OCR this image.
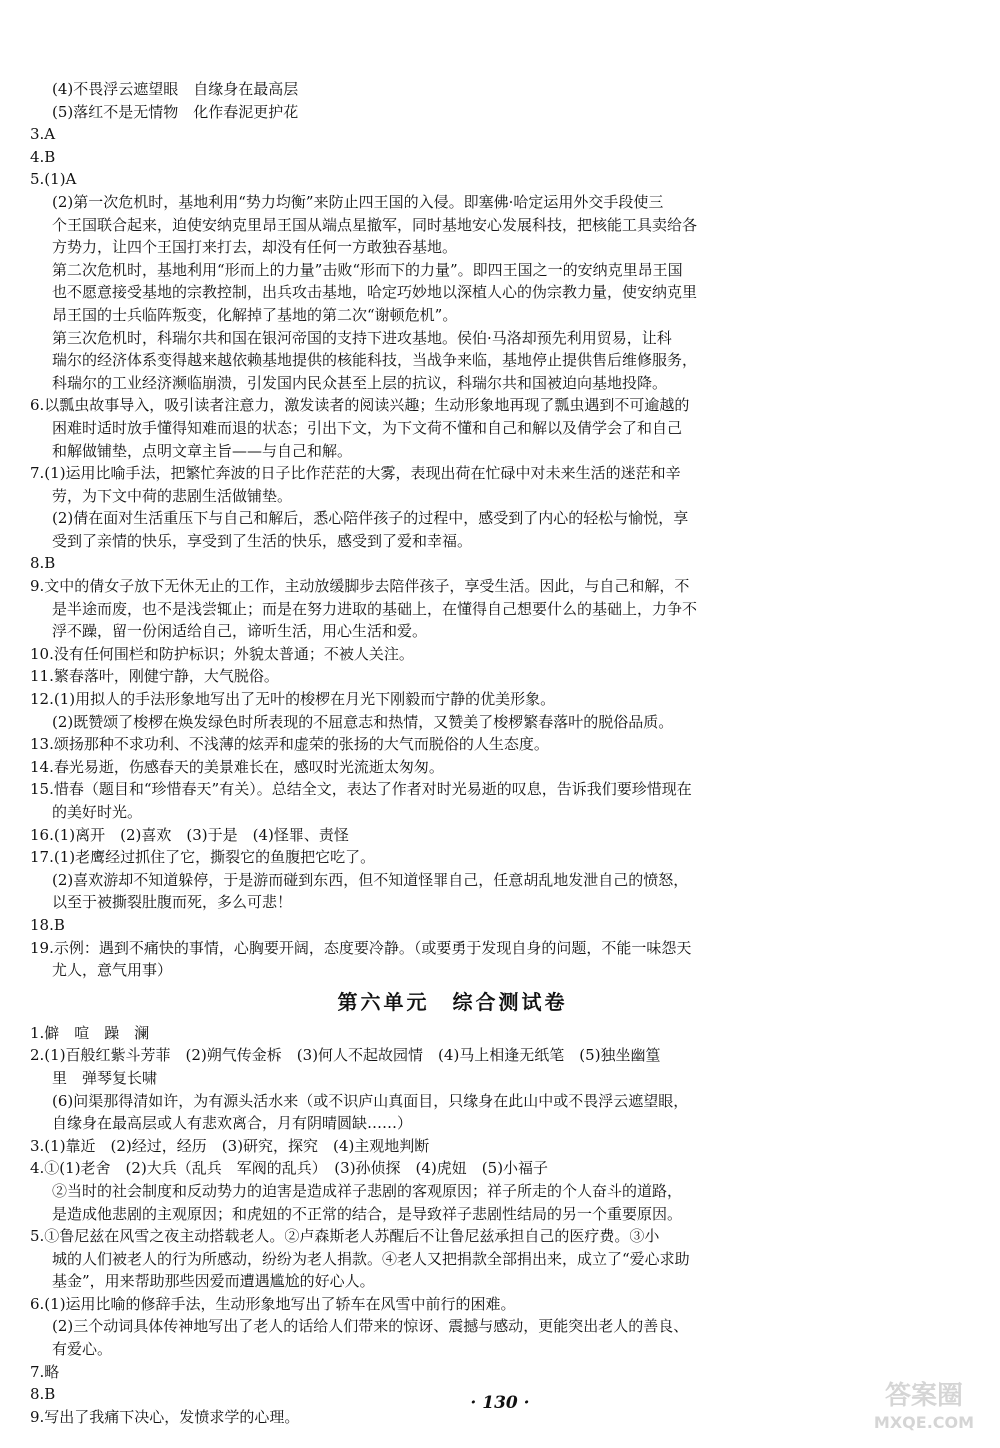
(4)不畏浮云遮望眼　自缘身在最高层
(5)落红不是无情物　化作春泥更护花
3.A
4.B
5.(1)A
(2)第一次危机时，基地利用“势力均衡”来防止四王国的入侵。即塞佛·哈定运用外交手段使三
个王国联合起来，迫使安纳克里昂王国从端点星撤军，同时基地安心发展科技，把核能工具卖给各
方势力，让四个王国打来打去，却没有任何一方敢独吞基地。
第二次危机时，基地利用“形而上的力量”击败“形而下的力量”。即四王国之一的安纳克里昂王国
也不愿意接受基地的宗教控制，出兵攻击基地，哈定巧妙地以深植人心的伪宗教力量，使安纳克里
昂王国的士兵临阵叛变，化解掉了基地的第二次“谢顿危机”。
第三次危机时，科瑞尔共和国在银河帝国的支持下进攻基地。侯伯·马洛却预先利用贸易，让科
瑞尔的经济体系变得越来越依赖基地提供的核能科技，当战争来临，基地停止提供售后维修服务，
科瑞尔的工业经济濒临崩溃，引发国内民众甚至上层的抗议，科瑞尔共和国被迫向基地投降。
6.以瓢虫故事导入，吸引读者注意力，激发读者的阅读兴趣；生动形象地再现了瓢虫遇到不可逾越的
困难时适时放手懂得知难而退的状态；引出下文，为下文荷不懂和自己和解以及倩学会了和自己
和解做铺垫，点明文章主旨——与自己和解。
7.(1)运用比喻手法，把繁忙奔波的日子比作茫茫的大雾，表现出荷在忙碌中对未来生活的迷茫和辛
劳，为下文中荷的悲剧生活做铺垫。
(2)倩在面对生活重压下与自己和解后，悉心陪伴孩子的过程中，感受到了内心的轻松与愉悦，享
受到了亲情的快乐，享受到了生活的快乐，感受到了爱和幸福。
8.B
9.文中的倩女子放下无休无止的工作，主动放缓脚步去陪伴孩子，享受生活。因此，与自己和解，不
是半途而废，也不是浅尝辄止；而是在努力进取的基础上，在懂得自己想要什么的基础上，力争不
浮不躁，留一份闲适给自己，谛听生活，用心生活和爱。
10.没有任何围栏和防护标识；外貌太普通；不被人关注。
11.繁春落叶，刚健宁静，大气脱俗。
12.(1)用拟人的手法形象地写出了无叶的梭椤在月光下刚毅而宁静的优美形象。
(2)既赞颂了梭椤在焕发绿色时所表现的不屈意志和热情，又赞美了梭椤繁春落叶的脱俗品质。
13.颂扬那种不求功利、不浅薄的炫弄和虚荣的张扬的大气而脱俗的人生态度。
14.春光易逝，伤感春天的美景难长在，感叹时光流逝太匆匆。
15.惜春（题目和“珍惜春天”有关）。总结全文，表达了作者对时光易逝的叹息，告诉我们要珍惜现在
的美好时光。
16.(1)离开　(2)喜欢　(3)于是　(4)怪罪、责怪
17.(1)老鹰经过抓住了它，撕裂它的鱼腹把它吃了。
(2)喜欢游却不知道躲停，于是游而碰到东西，但不知道怪罪自己，任意胡乱地发泄自己的愤怒，
以至于被撕裂肚腹而死，多么可悲！
18.B
19.示例：遇到不痛快的事情，心胸要开阔，态度要冷静。（或要勇于发现自身的问题，不能一味怨天
尤人，意气用事）
第六单元　综合测试卷
1.僻　喧　躁　澜
2.(1)百般红紫斗芳菲　(2)朔气传金柝　(3)何人不起故园情　(4)马上相逢无纸笔　(5)独坐幽篁
里　弹琴复长啸
(6)问渠那得清如许，为有源头活水来（或不识庐山真面目，只缘身在此山中或不畏浮云遮望眼，
自缘身在最高层或人有悲欢离合，月有阴晴圆缺……）
3.(1)靠近　(2)经过，经历　(3)研究，探究　(4)主观地判断
4.①(1)老舍　(2)大兵（乱兵　军阀的乱兵）　(3)孙侦探　(4)虎妞　(5)小福子
②当时的社会制度和反动势力的迫害是造成祥子悲剧的客观原因；祥子所走的个人奋斗的道路，
是造成他悲剧的主观原因；和虎妞的不正常的结合，是导致祥子悲剧性结局的另一个重要原因。
5.①鲁尼兹在风雪之夜主动搭载老人。②卢森斯老人苏醒后不让鲁尼兹承担自己的医疗费。③小
城的人们被老人的行为所感动，纷纷为老人捐款。④老人又把捐款全部捐出来，成立了“爱心求助
基金”，用来帮助那些因爱而遭遇尴尬的好心人。
6.(1)运用比喻的修辞手法，生动形象地写出了轿车在风雪中前行的困难。
(2)三个动词具体传神地写出了老人的话给人们带来的惊讶、震撼与感动，更能突出老人的善良、
有爱心。
7.略
8.B
9.写出了我痛下决心，发愤求学的心理。
· 130 ·	答案圈
MXQE.COM
